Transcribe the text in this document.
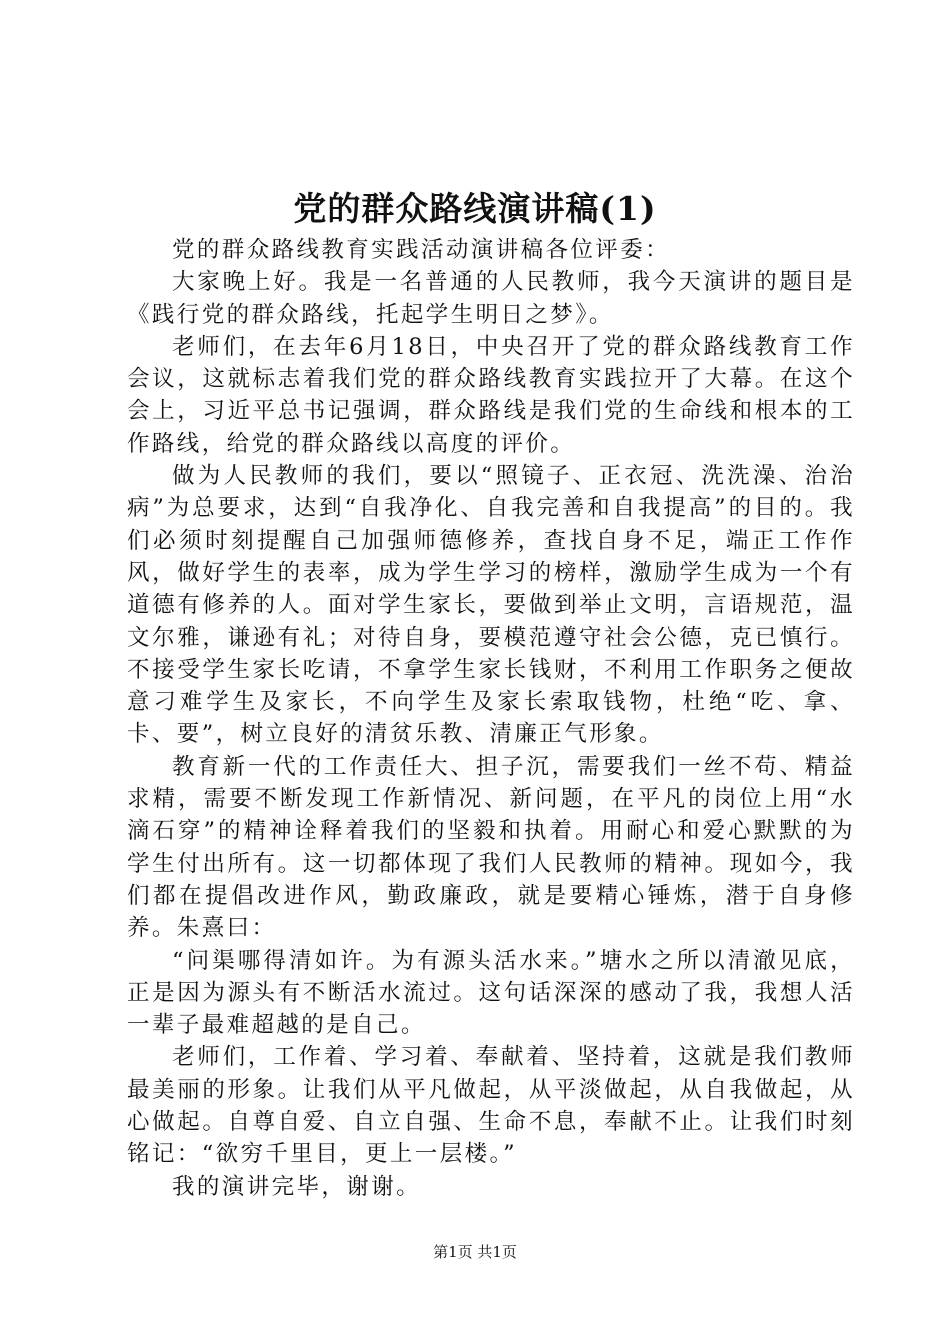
党的群众路线演讲稿(1)

党的群众路线教育实践活动演讲稿各位评委：

大家晚上好。我是一名普通的人民教师，我今天演讲的题目是《践行党的群众路线，托起学生明日之梦》。

老师们，在去年6月18日，中央召开了党的群众路线教育工作会议，这就标志着我们党的群众路线教育实践拉开了大幕。在这个会上，习近平总书记强调，群众路线是我们党的生命线和根本的工作路线，给党的群众路线以高度的评价。

做为人民教师的我们，要以“照镜子、正衣冠、洗洗澡、治治病”为总要求，达到“自我净化、自我完善和自我提高”的目的。我们必须时刻提醒自己加强师德修养，查找自身不足，端正工作作风，做好学生的表率，成为学生学习的榜样，激励学生成为一个有道德有修养的人。面对学生家长，要做到举止文明，言语规范，温文尔雅，谦逊有礼；对待自身，要模范遵守社会公德，克已慎行。不接受学生家长吃请，不拿学生家长钱财，不利用工作职务之便故意刁难学生及家长，不向学生及家长索取钱物，杜绝“吃、拿、卡、要”，树立良好的清贫乐教、清廉正气形象。

教育新一代的工作责任大、担子沉，需要我们一丝不苟、精益求精，需要不断发现工作新情况、新问题，在平凡的岗位上用“水滴石穿”的精神诠释着我们的坚毅和执着。用耐心和爱心默默的为学生付出所有。这一切都体现了我们人民教师的精神。现如今，我们都在提倡改进作风，勤政廉政，就是要精心锤炼，潜于自身修养。朱熹曰：

“问渠哪得清如许。为有源头活水来。”塘水之所以清澈见底，正是因为源头有不断活水流过。这句话深深的感动了我，我想人活一辈子最难超越的是自己。

老师们，工作着、学习着、奉献着、坚持着，这就是我们教师最美丽的形象。让我们从平凡做起，从平淡做起，从自我做起，从心做起。自尊自爱、自立自强、生命不息，奉献不止。让我们时刻铭记：“欲穷千里目，更上一层楼。”

我的演讲完毕，谢谢。

第1页 共1页
